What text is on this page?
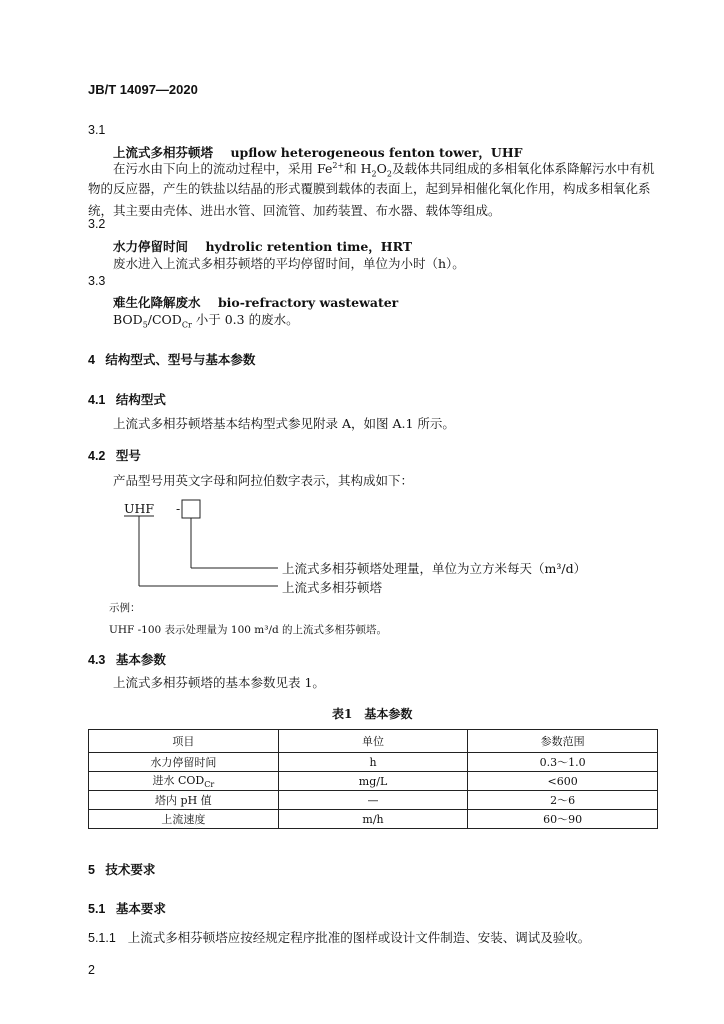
JB/T 14097—2020
3.1
上流式多相芬顿塔 upflow heterogeneous fenton tower，UHF
在污水由下向上的流动过程中，采用 $Fe^{2+}$和 $H_2O_2$及载体共同组成的多相氧化体系降解污水中有机
物的反应器，产生的铁盐以结晶的形式覆膜到载体的表面上，起到异相催化氧化作用，构成多相氧化系
统，其主要由壳体、进出水管、回流管、加药装置、布水器、载体等组成。
3.2
水力停留时间 hydrolic retention time，HRT
废水进入上流式多相芬顿塔的平均停留时间，单位为小时（h）。
3.3
难生化降解废水 bio-refractory wastewater
$BOD_5/COD_{Cr}$ 小于 0.3 的废水。
4 结构型式、型号与基本参数
4.1 结构型式
上流式多相芬顿塔基本结构型式参见附录 A，如图 A.1 所示。
4.2 型号
产品型号用英文字母和阿拉伯数字表示，其构成如下：
UHF -
上流式多相芬顿塔处理量，单位为立方米每天（m³/d）
上流式多相芬顿塔
示例：
UHF -100 表示处理量为 100 m³/d 的上流式多相芬顿塔。
4.3 基本参数
上流式多相芬顿塔的基本参数见表 1。
表1　基本参数
项目	单位	参数范围
水力停留时间	h	0.3～1.0
进水 $COD_{Cr}$	mg/L	<600
塔内 pH 值	—	2～6
上流速度	m/h	60～90
5 技术要求
5.1 基本要求
5.1.1 上流式多相芬顿塔应按经规定程序批准的图样或设计文件制造、安装、调试及验收。
2
